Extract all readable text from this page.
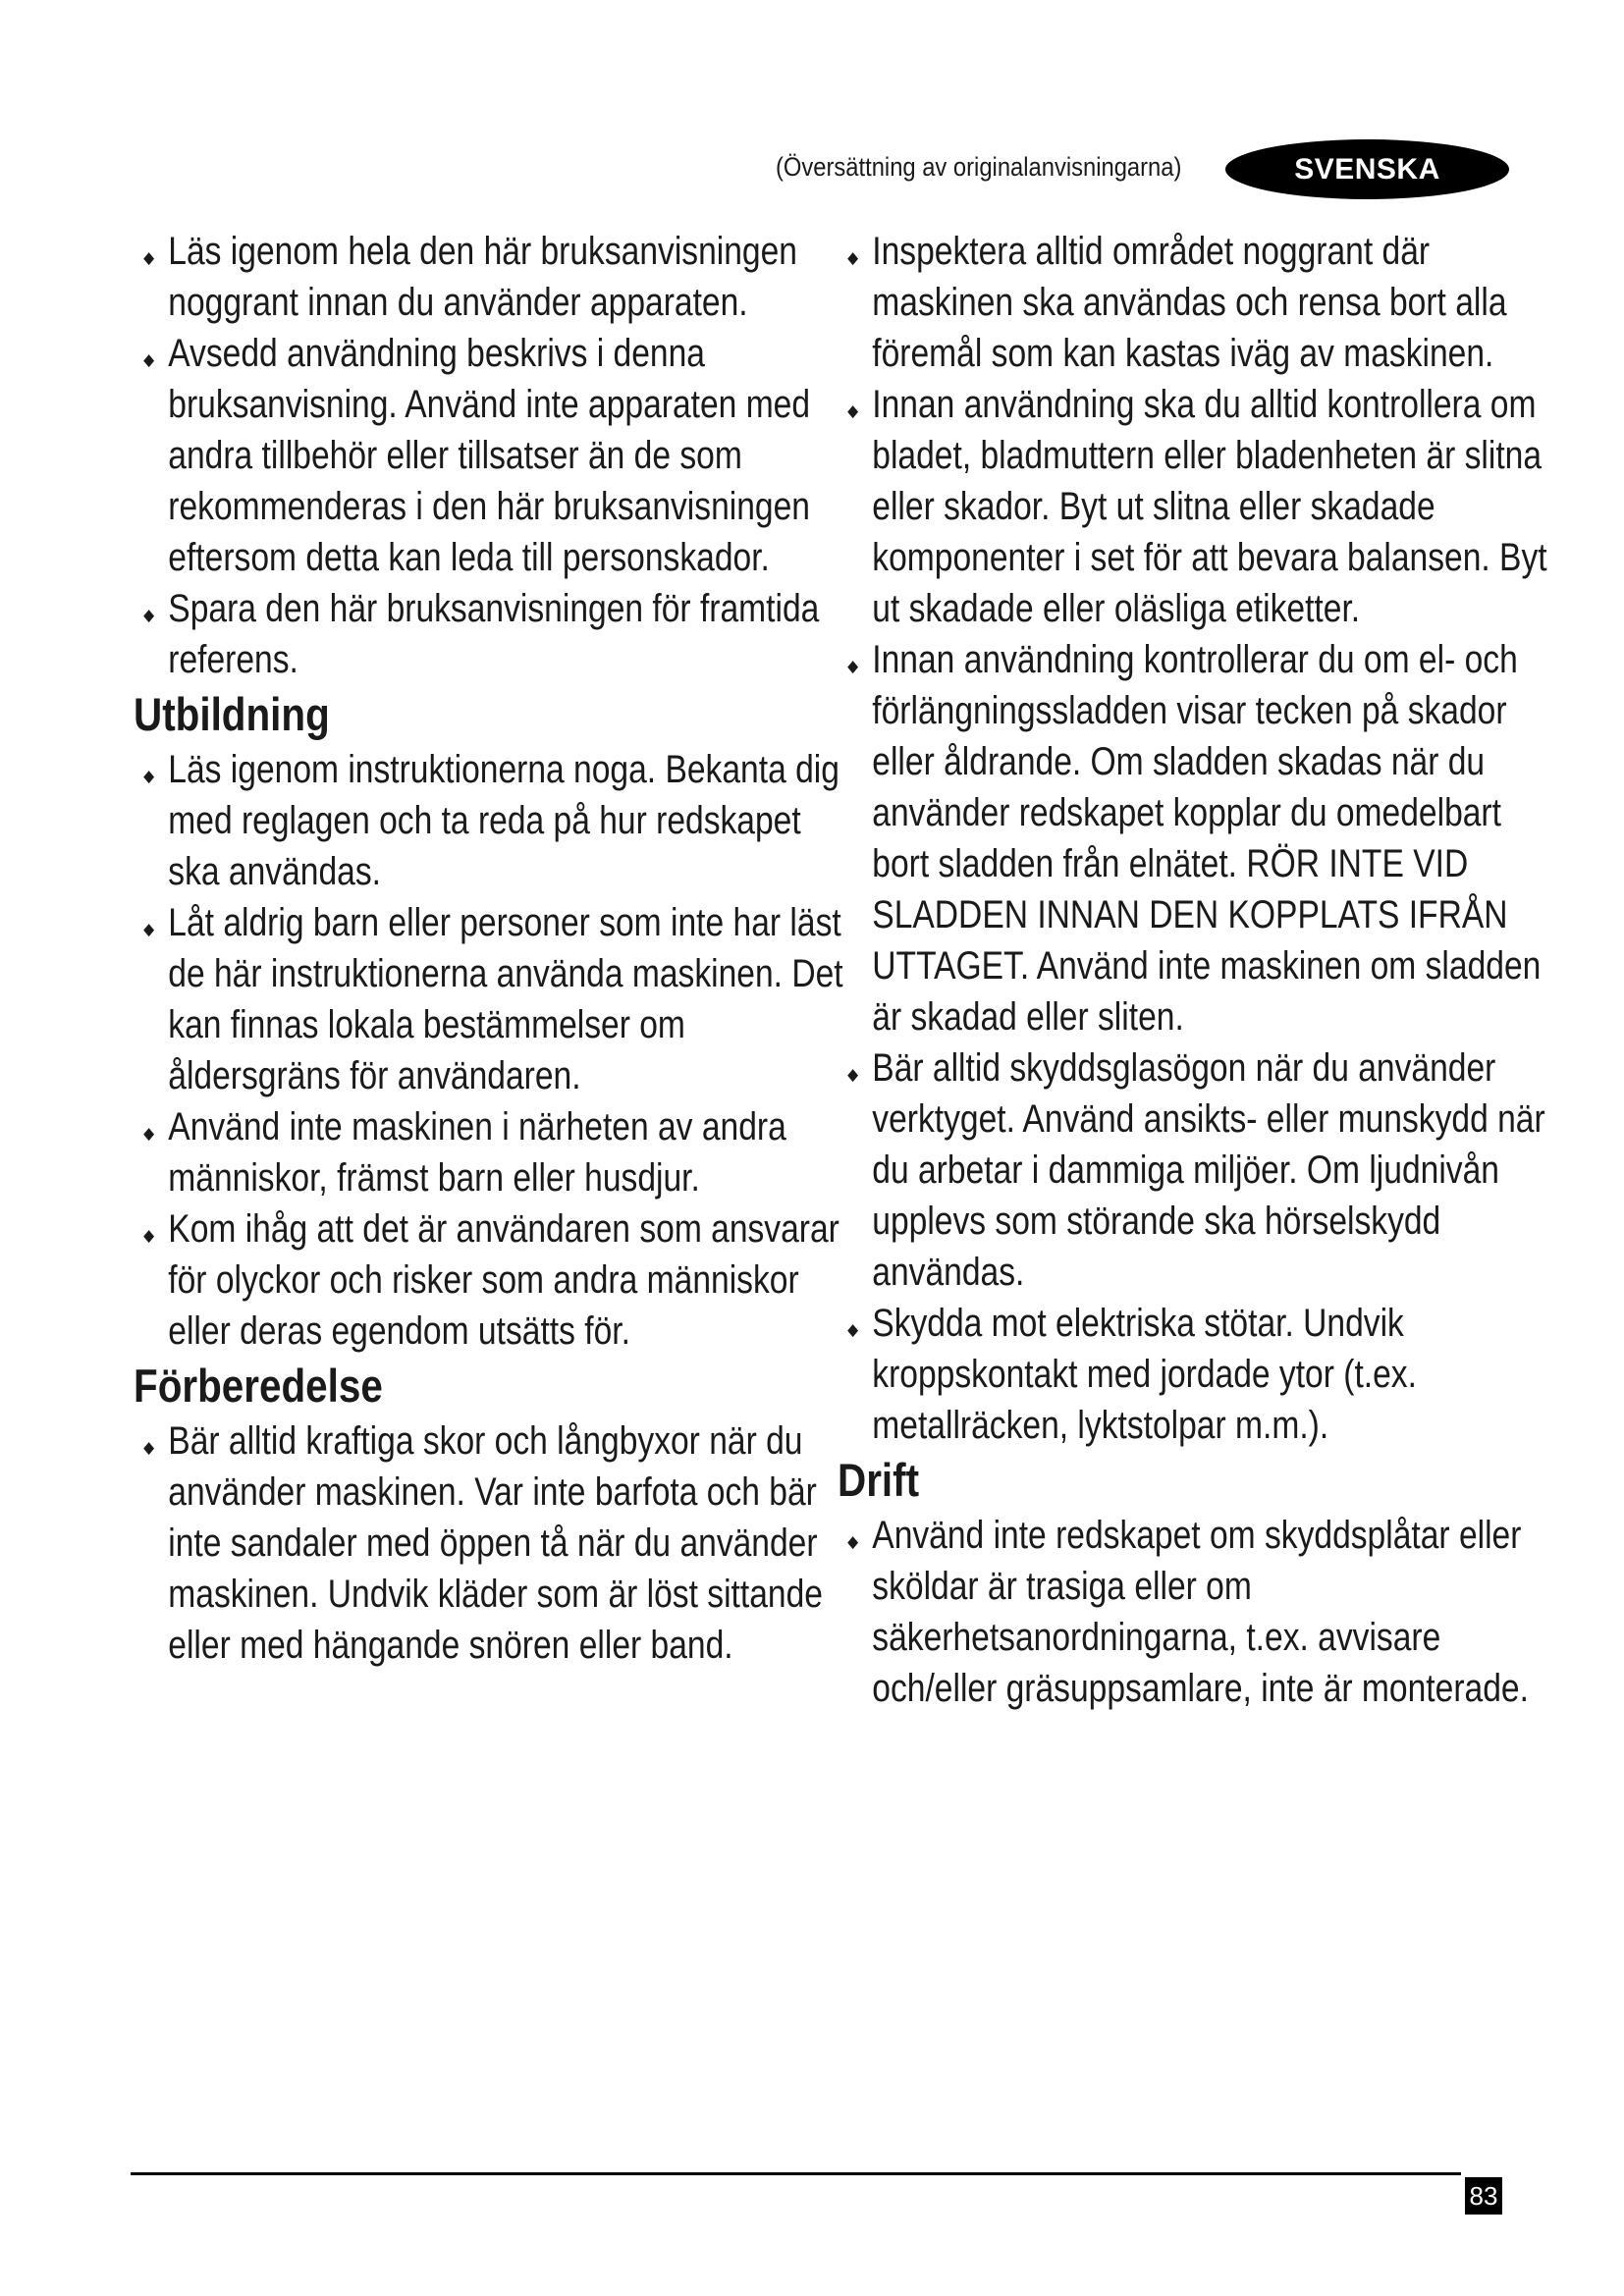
(Översättning av originalanvisningarna)	SVENSKA
◆ Läs igenom hela den här bruksanvisningen noggrant innan du använder apparaten.
◆ Avsedd användning beskrivs i denna bruksanvisning. Använd inte apparaten med andra tillbehör eller tillsatser än de som rekommenderas i den här bruksanvisningen eftersom detta kan leda till personskador.
◆ Spara den här bruksanvisningen för framtida referens.
Utbildning
◆ Läs igenom instruktionerna noga. Bekanta dig med reglagen och ta reda på hur redskapet ska användas.
◆ Låt aldrig barn eller personer som inte har läst de här instruktionerna använda maskinen. Det kan finnas lokala bestämmelser om åldersgräns för användaren.
◆ Använd inte maskinen i närheten av andra människor, främst barn eller husdjur.
◆ Kom ihåg att det är användaren som ansvarar för olyckor och risker som andra människor eller deras egendom utsätts för.
Förberedelse
◆ Bär alltid kraftiga skor och långbyxor när du använder maskinen. Var inte barfota och bär inte sandaler med öppen tå när du använder maskinen. Undvik kläder som är löst sittande eller med hängande snören eller band.
◆ Inspektera alltid området noggrant där maskinen ska användas och rensa bort alla föremål som kan kastas iväg av maskinen.
◆ Innan användning ska du alltid kontrollera om bladet, bladmuttern eller bladenheten är slitna eller skador. Byt ut slitna eller skadade komponenter i set för att bevara balansen. Byt ut skadade eller oläsliga etiketter.
◆ Innan användning kontrollerar du om el- och förlängningssladden visar tecken på skador eller åldrande. Om sladden skadas när du använder redskapet kopplar du omedelbart bort sladden från elnätet. RÖR INTE VID SLADDEN INNAN DEN KOPPLATS IFRÅN UTTAGET. Använd inte maskinen om sladden är skadad eller sliten.
◆ Bär alltid skyddsglasögon när du använder verktyget. Använd ansikts- eller munskydd när du arbetar i dammiga miljöer. Om ljudnivån upplevs som störande ska hörselskydd användas.
◆ Skydda mot elektriska stötar. Undvik kroppskontakt med jordade ytor (t.ex. metallräcken, lyktstolpar m.m.).
Drift
◆ Använd inte redskapet om skyddsplåtar eller sköldar är trasiga eller om säkerhetsanordningarna, t.ex. avvisare och/eller gräsuppsamlare, inte är monterade.
83
